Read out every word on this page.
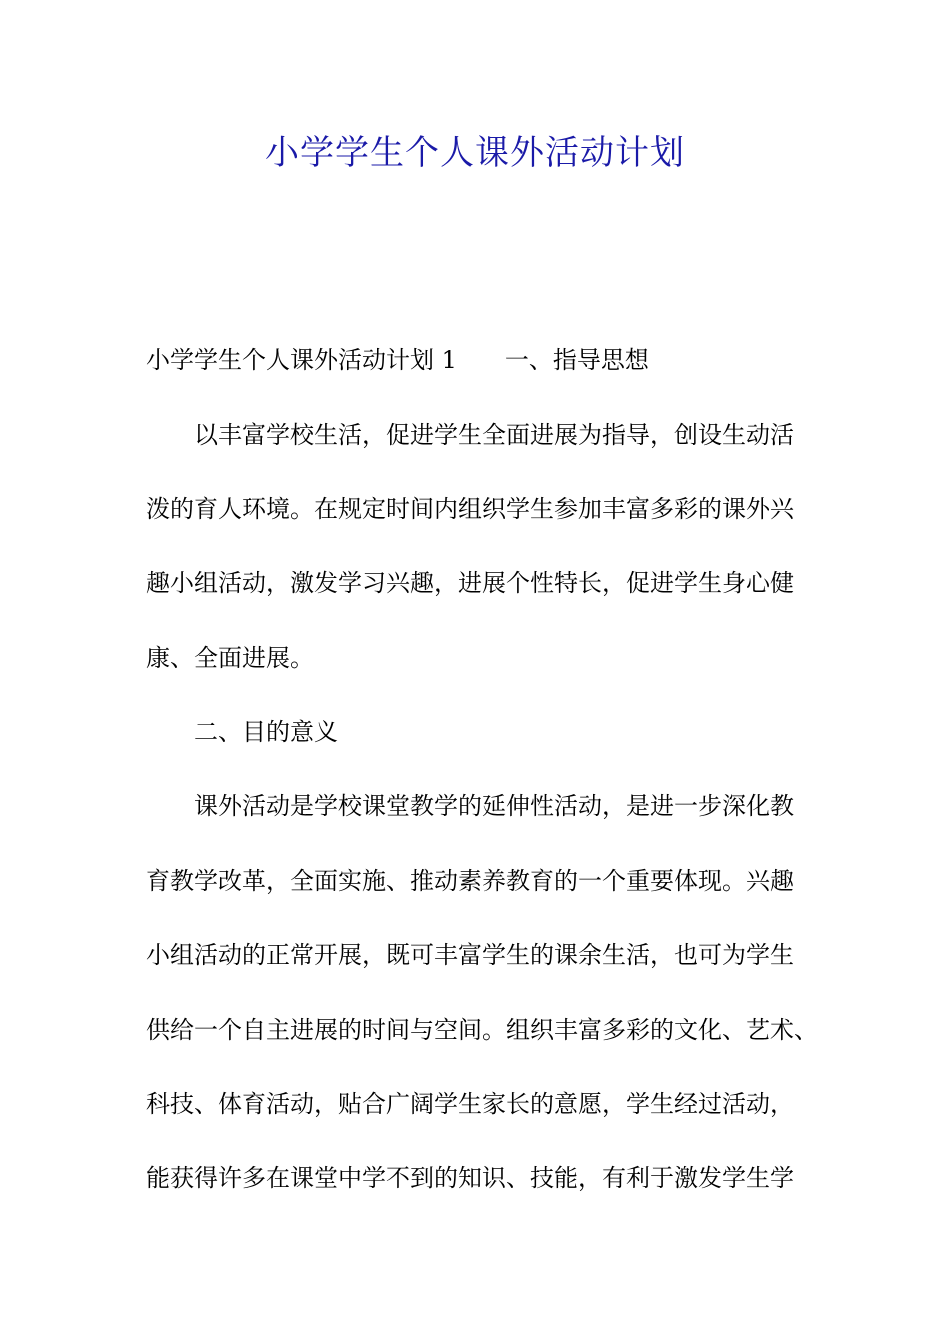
小学学生个人课外活动计划

小学学生个人课外活动计划 1 一、指导思想

以丰富学校生活，促进学生全面进展为指导，创设生动活

泼的育人环境。在规定时间内组织学生参加丰富多彩的课外兴

趣小组活动，激发学习兴趣，进展个性特长，促进学生身心健

康、全面进展。

二、目的意义

课外活动是学校课堂教学的延伸性活动，是进一步深化教

育教学改革，全面实施、推动素养教育的一个重要体现。兴趣

小组活动的正常开展，既可丰富学生的课余生活，也可为学生

供给一个自主进展的时间与空间。组织丰富多彩的文化、艺术、

科技、体育活动，贴合广阔学生家长的意愿，学生经过活动，

能获得许多在课堂中学不到的知识、技能，有利于激发学生学
